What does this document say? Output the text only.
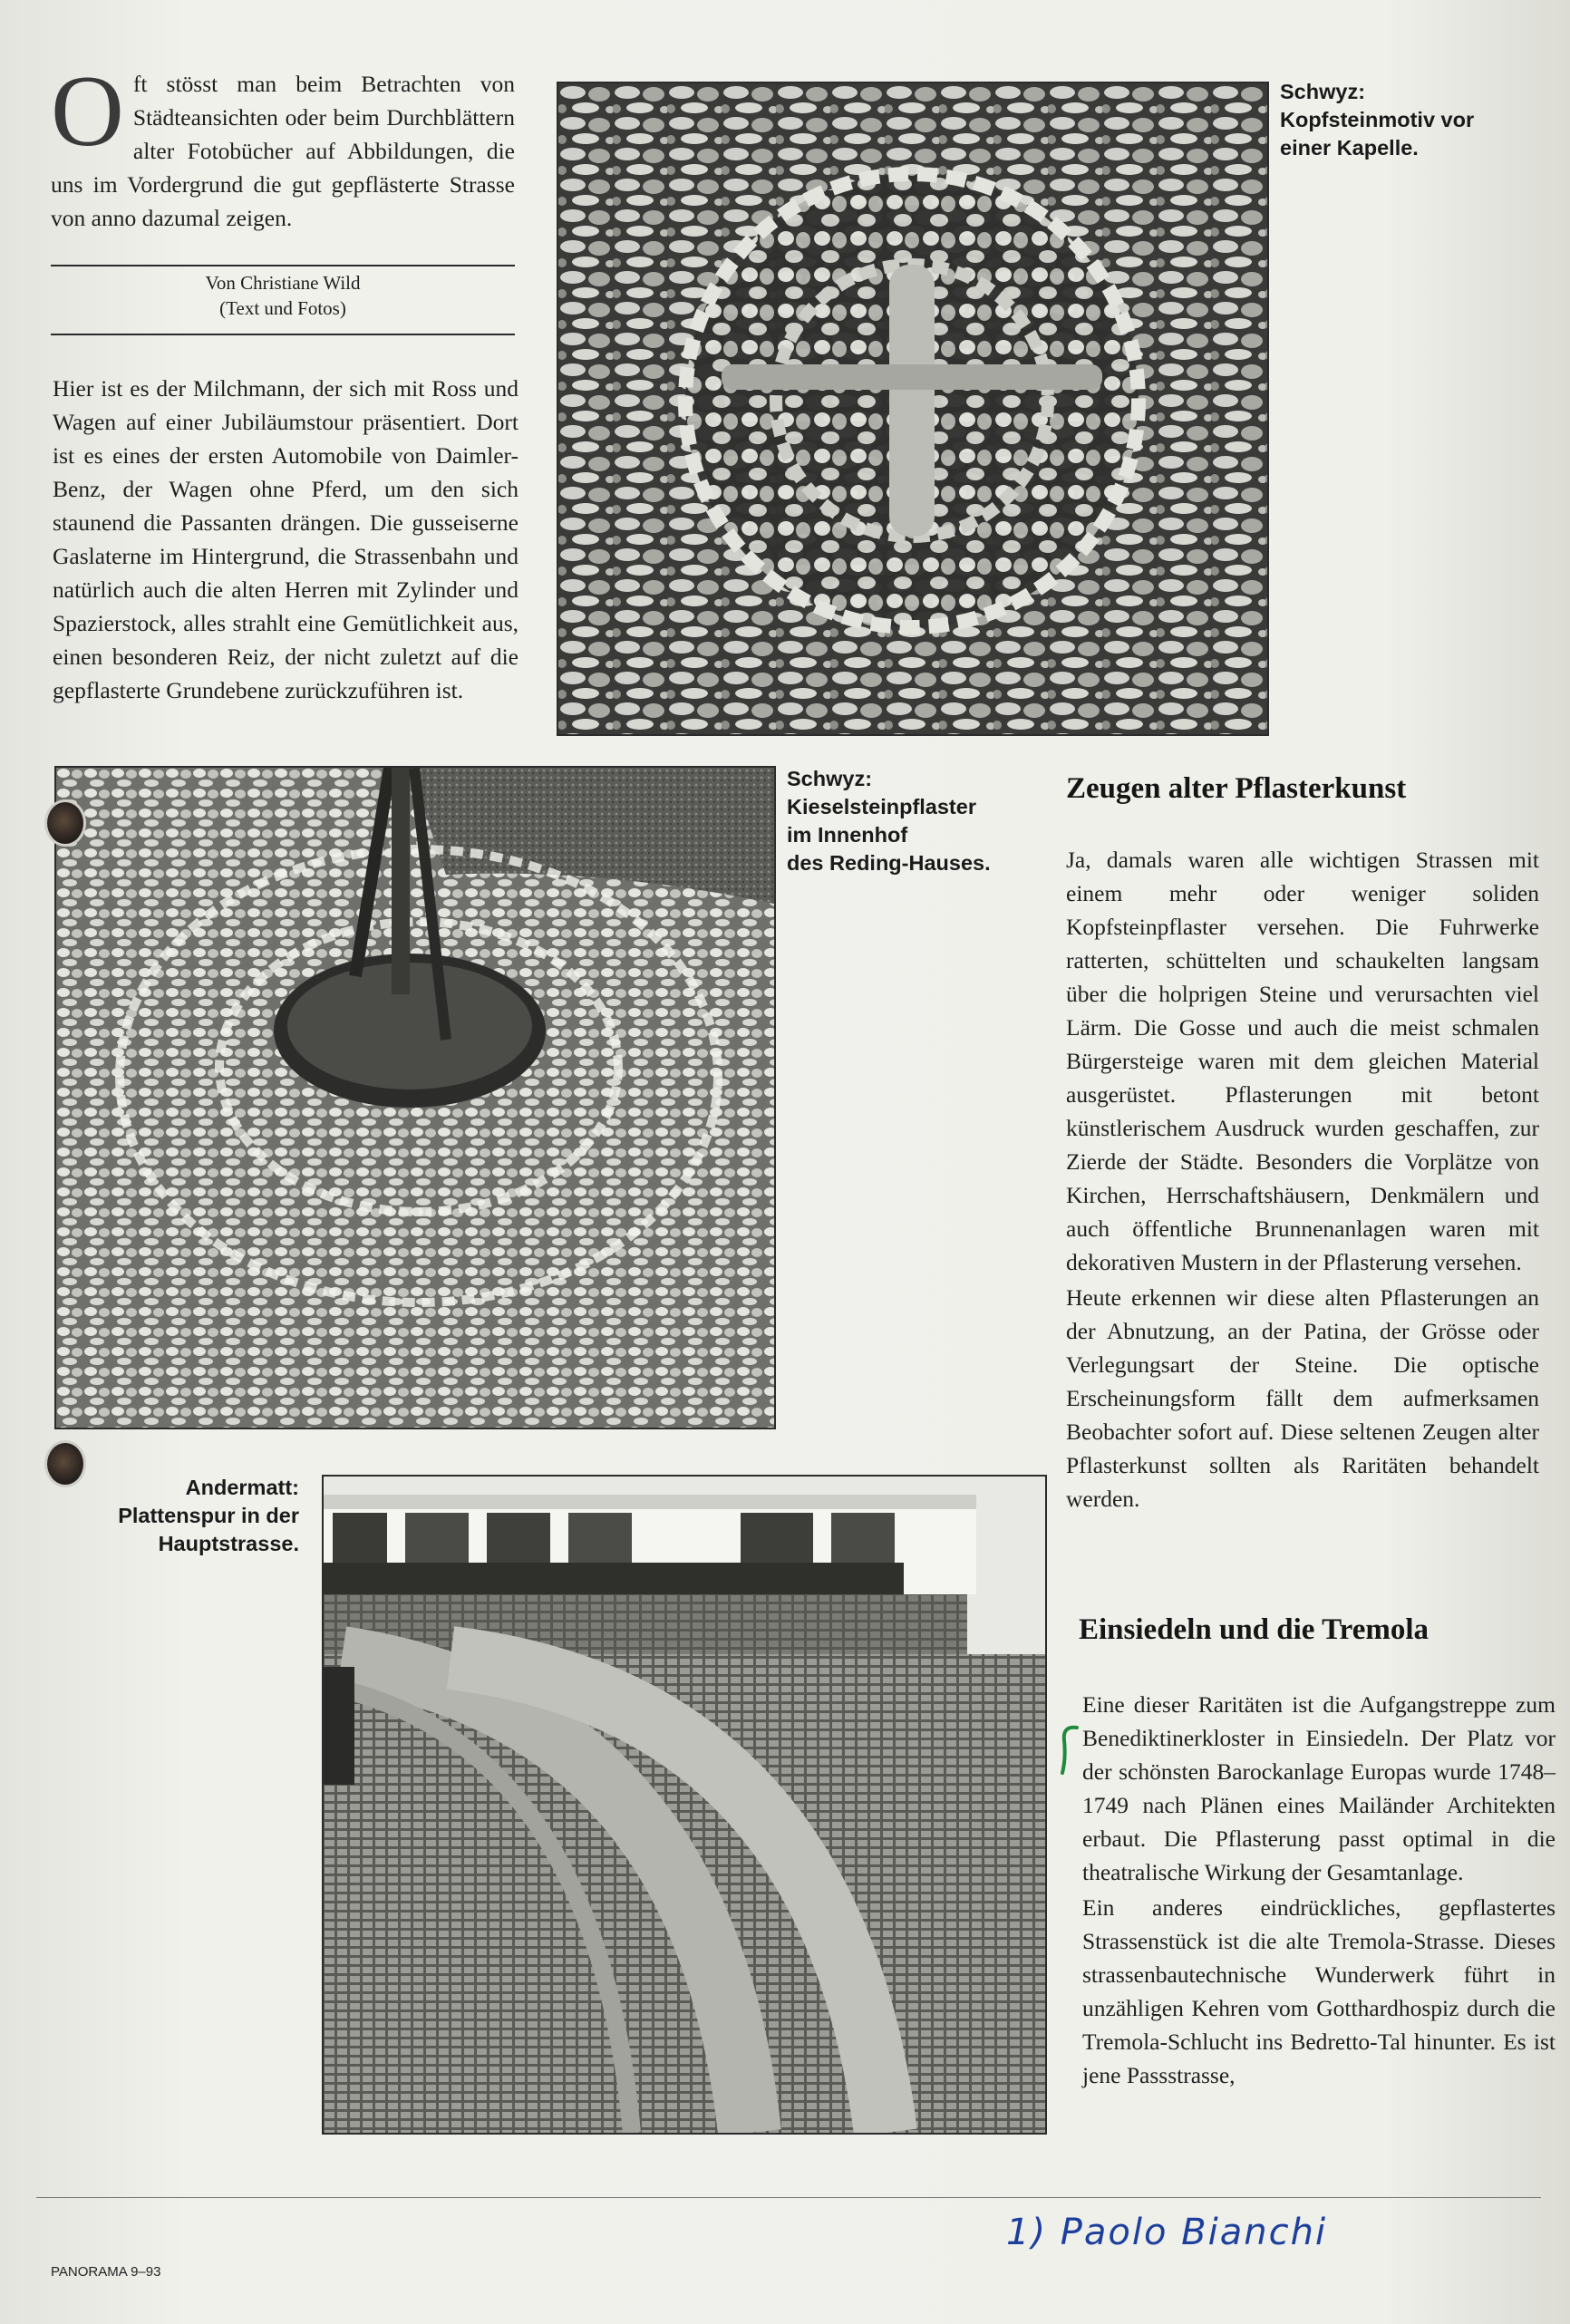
O ft stösst man beim Betrachten von Städteansichten oder beim Durchblättern alter Fotobücher auf Abbildungen, die uns im Vordergrund die gut gepflästerte Strasse von anno dazumal zeigen.
Von Christiane Wild
(Text und Fotos)
Hier ist es der Milchmann, der sich mit Ross und Wagen auf einer Jubiläumstour präsentiert. Dort ist es eines der ersten Automobile von Daimler-Benz, der Wagen ohne Pferd, um den sich staunend die Passanten drängen. Die gusseiserne Gaslaterne im Hintergrund, die Strassenbahn und natürlich auch die alten Herren mit Zylinder und Spazierstock, alles strahlt eine Gemütlichkeit aus, einen besonderen Reiz, der nicht zuletzt auf die gepflasterte Grundebene zurückzuführen ist.
Schwyz:
Kopfsteinmotiv vor
einer Kapelle.
Schwyz:
Kieselsteinpflaster
im Innenhof
des Reding-Hauses.
Andermatt:
Plattenspur in der
Hauptstrasse.
Zeugen alter Pflasterkunst
Ja, damals waren alle wichtigen Strassen mit einem mehr oder weniger soliden Kopfsteinpflaster versehen. Die Fuhrwerke ratterten, schüttelten und schaukelten langsam über die holprigen Steine und verursachten viel Lärm. Die Gosse und auch die meist schmalen Bürgersteige waren mit dem gleichen Material ausgerüstet. Pflasterungen mit betont künstlerischem Ausdruck wurden geschaffen, zur Zierde der Städte. Besonders die Vorplätze von Kirchen, Herrschaftshäusern, Denkmälern und auch öffentliche Brunnenanlagen waren mit dekorativen Mustern in der Pflasterung versehen.
Heute erkennen wir diese alten Pflasterungen an der Abnutzung, an der Patina, der Grösse oder Verlegungsart der Steine. Die optische Erscheinungsform fällt dem aufmerksamen Beobachter sofort auf. Diese seltenen Zeugen alter Pflasterkunst sollten als Raritäten behandelt werden.
Einsiedeln und die Tremola
Eine dieser Raritäten ist die Aufgangstreppe zum Benediktinerkloster in Einsiedeln. Der Platz vor der schönsten Barockanlage Europas wurde 1748–1749 nach Plänen eines Mailänder Architekten erbaut. Die Pflasterung passt optimal in die theatralische Wirkung der Gesamtanlage.
Ein anderes eindrückliches, gepflastertes Strassenstück ist die alte Tremola-Strasse. Dieses strassenbautechnische Wunderwerk führt in unzähligen Kehren vom Gotthardhospiz durch die Tremola-Schlucht ins Bedretto-Tal hinunter. Es ist jene Passstrasse,
PANORAMA 9–93
1) Paolo Bianchi
